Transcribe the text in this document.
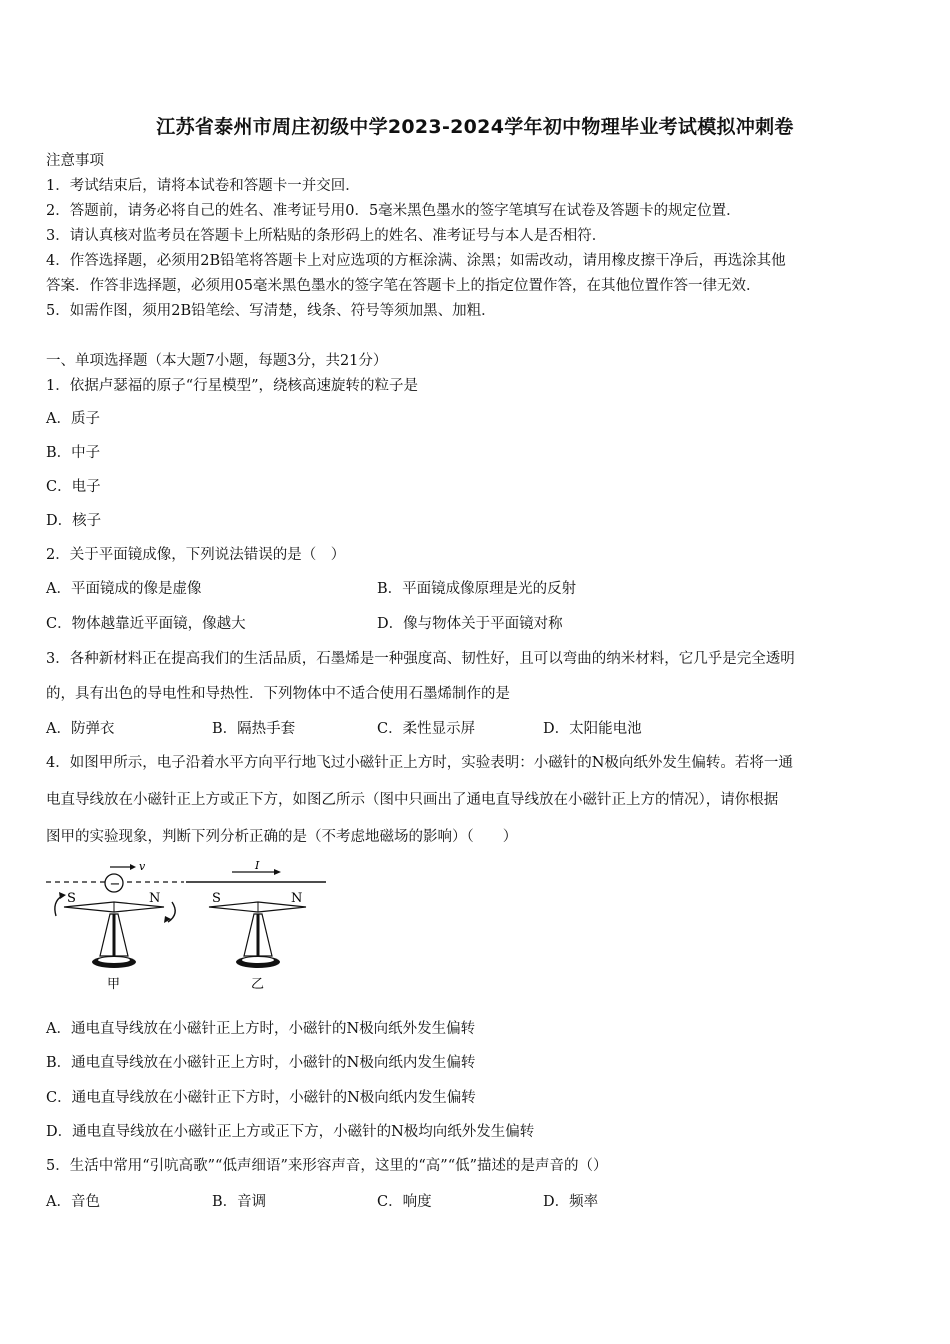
江苏省泰州市周庄初级中学2023-2024学年初中物理毕业考试模拟冲刺卷
注意事项
1．考试结束后，请将本试卷和答题卡一并交回．
2．答题前，请务必将自己的姓名、准考证号用0．5毫米黑色墨水的签字笔填写在试卷及答题卡的规定位置．
3．请认真核对监考员在答题卡上所粘贴的条形码上的姓名、准考证号与本人是否相符．
4．作答选择题，必须用2B铅笔将答题卡上对应选项的方框涂满、涂黑；如需改动，请用橡皮擦干净后，再选涂其他
答案．作答非选择题，必须用05毫米黑色墨水的签字笔在答题卡上的指定位置作答，在其他位置作答一律无效．
5．如需作图，须用2B铅笔绘、写清楚，线条、符号等须加黑、加粗．
一、单项选择题（本大题7小题，每题3分，共21分）
1．依据卢瑟福的原子“行星模型”，绕核高速旋转的粒子是
A．质子
B．中子
C．电子
D．核子
2．关于平面镜成像，下列说法错误的是（　）
A．平面镜成的像是虚像	B．平面镜成像原理是光的反射
C．物体越靠近平面镜，像越大	D．像与物体关于平面镜对称
3．各种新材料正在提高我们的生活品质，石墨烯是一种强度高、韧性好，且可以弯曲的纳米材料，它几乎是完全透明
的，具有出色的导电性和导热性．下列物体中不适合使用石墨烯制作的是
A．防弹衣	B．隔热手套	C．柔性显示屏	D．太阳能电池
4．如图甲所示，电子沿着水平方向平行地飞过小磁针正上方时，实验表明：小磁针的N极向纸外发生偏转。若将一通
电直导线放在小磁针正上方或正下方，如图乙所示（图中只画出了通电直导线放在小磁针正上方的情况），请你根据
图甲的实验现象，判断下列分析正确的是（不考虑地磁场的影响）（　　）
−
v
S	N
甲
I
S	N
乙
A．通电直导线放在小磁针正上方时，小磁针的N极向纸外发生偏转
B．通电直导线放在小磁针正上方时，小磁针的N极向纸内发生偏转
C．通电直导线放在小磁针正下方时，小磁针的N极向纸内发生偏转
D．通电直导线放在小磁针正上方或正下方，小磁针的N极均向纸外发生偏转
5．生活中常用“引吭高歌”“低声细语”来形容声音，这里的“高”“低”描述的是声音的（）
A．音色	B．音调	C．响度	D．频率
